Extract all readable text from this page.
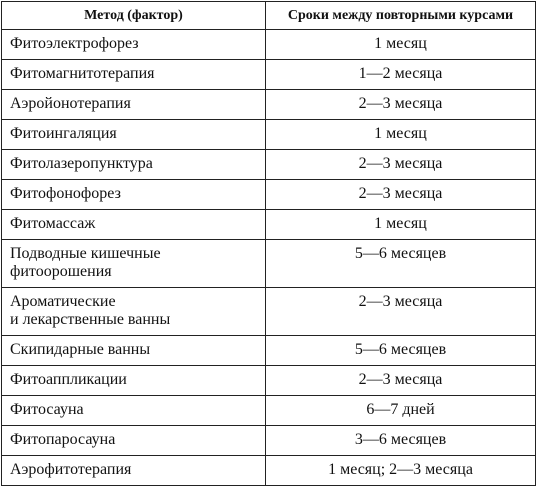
Метод (фактор)	Сроки между повторными курсами
Фитоэлектрофорез	1 месяц
Фитомагнитотерапия	1—2 месяца
Аэройонотерапия	2—3 месяца
Фитоингаляция	1 месяц
Фитолазеропунктура	2—3 месяца
Фитофонофорез	2—3 месяца
Фитомассаж	1 месяц

Подводные кишечные
фитоорошения	5—6 месяцев

Ароматические
и лекарственные ванны	2—3 месяца
Скипидарные ванны	5—6 месяцев
Фитоаппликации	2—3 месяца
Фитосауна	6—7 дней
Фитопаросауна	3—6 месяцев
Аэрофитотерапия	1 месяц; 2—3 месяца
